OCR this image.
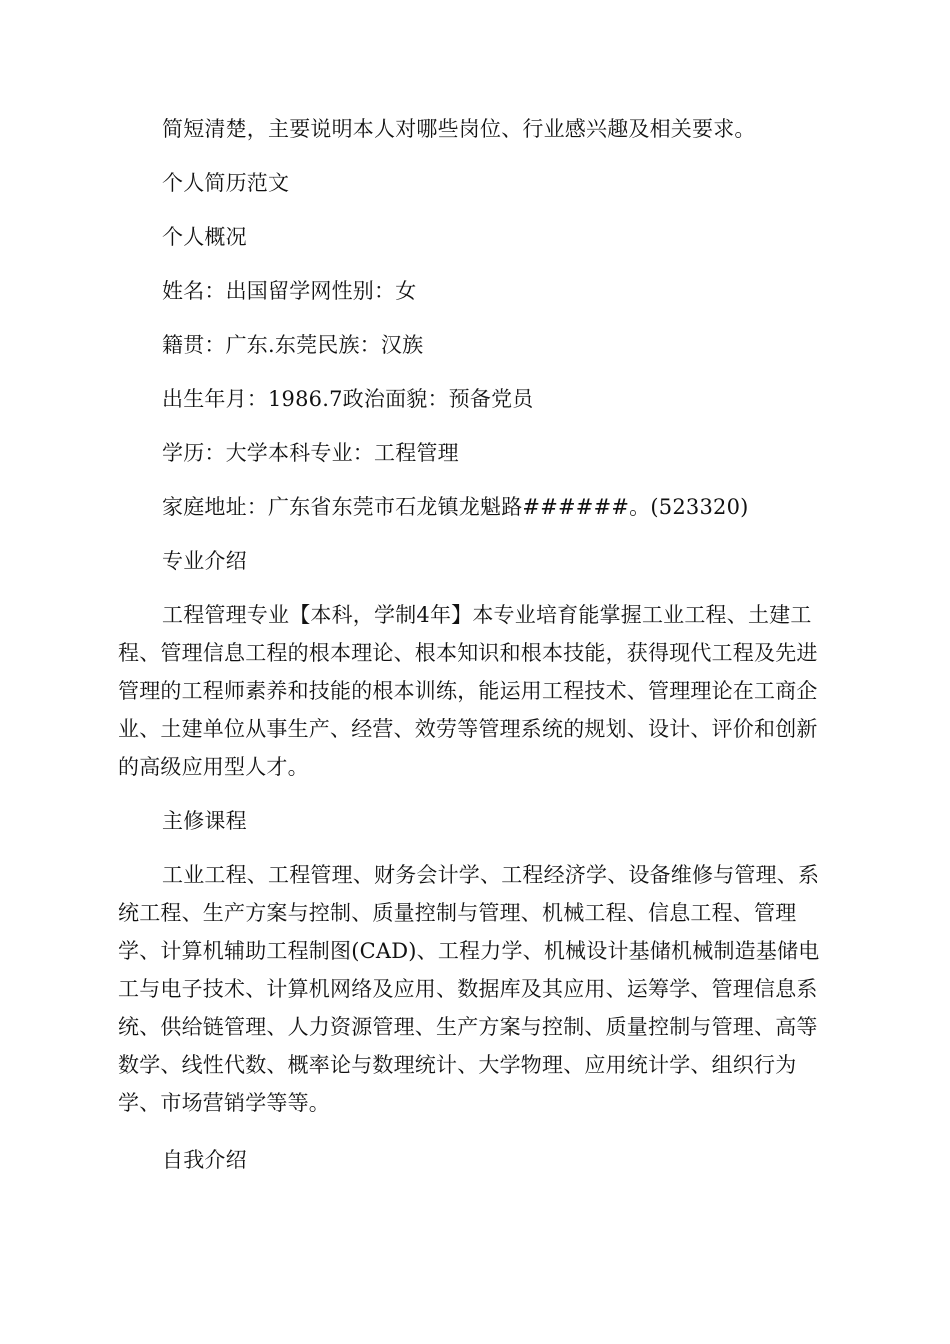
简短清楚，主要说明本人对哪些岗位、行业感兴趣及相关要求。

个人简历范文

个人概况

姓名：出国留学网性别：女

籍贯：广东.东莞民族：汉族

出生年月：1986.7政治面貌：预备党员

学历：大学本科专业：工程管理

家庭地址：广东省东莞市石龙镇龙魁路######。(523320)

专业介绍

工程管理专业【本科，学制4年】本专业培育能掌握工业工程、土建工程、管理信息工程的根本理论、根本知识和根本技能，获得现代工程及先进管理的工程师素养和技能的根本训练，能运用工程技术、管理理论在工商企业、土建单位从事生产、经营、效劳等管理系统的规划、设计、评价和创新的高级应用型人才。

主修课程

工业工程、工程管理、财务会计学、工程经济学、设备维修与管理、系统工程、生产方案与控制、质量控制与管理、机械工程、信息工程、管理学、计算机辅助工程制图(CAD)、工程力学、机械设计基储机械制造基储电工与电子技术、计算机网络及应用、数据库及其应用、运筹学、管理信息系统、供给链管理、人力资源管理、生产方案与控制、质量控制与管理、高等数学、线性代数、概率论与数理统计、大学物理、应用统计学、组织行为学、市场营销学等等。

自我介绍
